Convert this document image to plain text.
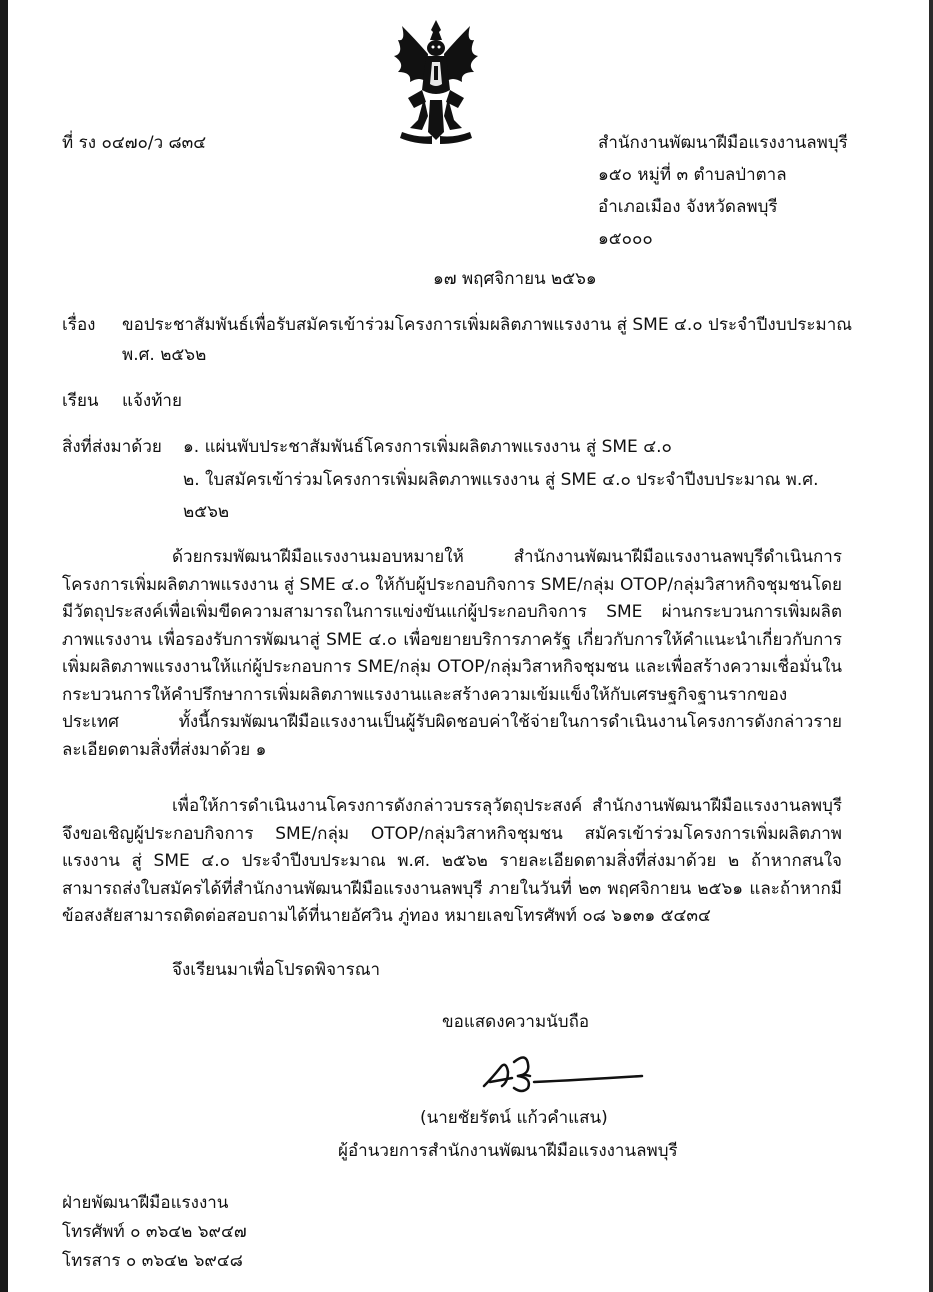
ที่ รง ๐๔๗๐/ว ๘๓๔	สำนักงานพัฒนาฝีมือแรงงานลพบุรี
๑๕๐ หมู่ที่ ๓ ตำบลป่าตาล
อำเภอเมือง จังหวัดลพบุรี
๑๕๐๐๐
๑๗ พฤศจิกายน ๒๕๖๑
เรื่อง ขอประชาสัมพันธ์เพื่อรับสมัครเข้าร่วมโครงการเพิ่มผลิตภาพแรงงาน สู่ SME ๔.๐ ประจำปีงบประมาณ
พ.ศ. ๒๕๖๒
เรียน แจ้งท้าย
สิ่งที่ส่งมาด้วย ๑. แผ่นพับประชาสัมพันธ์โครงการเพิ่มผลิตภาพแรงงาน สู่ SME ๔.๐
๒. ใบสมัครเข้าร่วมโครงการเพิ่มผลิตภาพแรงงาน สู่ SME ๔.๐ ประจำปีงบประมาณ พ.ศ.
๒๕๖๒
ด้วยกรมพัฒนาฝีมือแรงงานมอบหมายให้ สำนักงานพัฒนาฝีมือแรงงานลพบุรีดำเนินการ โครงการเพิ่มผลิตภาพแรงงาน สู่ SME ๔.๐ ให้กับผู้ประกอบกิจการ SME/กลุ่ม OTOP/กลุ่มวิสาหกิจชุมชนโดยมีวัตถุประสงค์เพื่อเพิ่มขีดความสามารถในการแข่งขันแก่ผู้ประกอบกิจการ SME ผ่านกระบวนการเพิ่มผลิตภาพแรงงาน เพื่อรองรับการพัฒนาสู่ SME ๔.๐ เพื่อขยายบริการภาครัฐ เกี่ยวกับการให้คำแนะนำเกี่ยวกับการเพิ่มผลิตภาพแรงงานให้แก่ผู้ประกอบการ SME/กลุ่ม OTOP/กลุ่มวิสาหกิจชุมชน และเพื่อสร้างความเชื่อมั่นในกระบวนการให้คำปรึกษาการเพิ่มผลิตภาพแรงงานและสร้างความเข้มแข็งให้กับเศรษฐกิจฐานรากของประเทศ ทั้งนี้กรมพัฒนาฝีมือแรงงานเป็นผู้รับผิดชอบค่าใช้จ่ายในการดำเนินงานโครงการดังกล่าวรายละเอียดตามสิ่งที่ส่งมาด้วย ๑
เพื่อให้การดำเนินงานโครงการดังกล่าวบรรลุวัตถุประสงค์ สำนักงานพัฒนาฝีมือแรงงานลพบุรี จึงขอเชิญผู้ประกอบกิจการ SME/กลุ่ม OTOP/กลุ่มวิสาหกิจชุมชน สมัครเข้าร่วมโครงการเพิ่มผลิตภาพแรงงาน สู่ SME ๔.๐ ประจำปีงบประมาณ พ.ศ. ๒๕๖๒ รายละเอียดตามสิ่งที่ส่งมาด้วย ๒ ถ้าหากสนใจสามารถส่งใบสมัครได้ที่สำนักงานพัฒนาฝีมือแรงงานลพบุรี ภายในวันที่ ๒๓ พฤศจิกายน ๒๕๖๑ และถ้าหากมีข้อสงสัยสามารถติดต่อสอบถามได้ที่นายอัศวิน ภู่ทอง หมายเลขโทรศัพท์ ๐๘ ๖๑๓๑ ๕๔๓๔
จึงเรียนมาเพื่อโปรดพิจารณา
ขอแสดงความนับถือ
(นายชัยรัตน์ แก้วคำแสน)
ผู้อำนวยการสำนักงานพัฒนาฝีมือแรงงานลพบุรี
ฝ่ายพัฒนาฝีมือแรงงาน
โทรศัพท์ ๐ ๓๖๔๒ ๖๙๔๗
โทรสาร ๐ ๓๖๔๒ ๖๙๔๘
